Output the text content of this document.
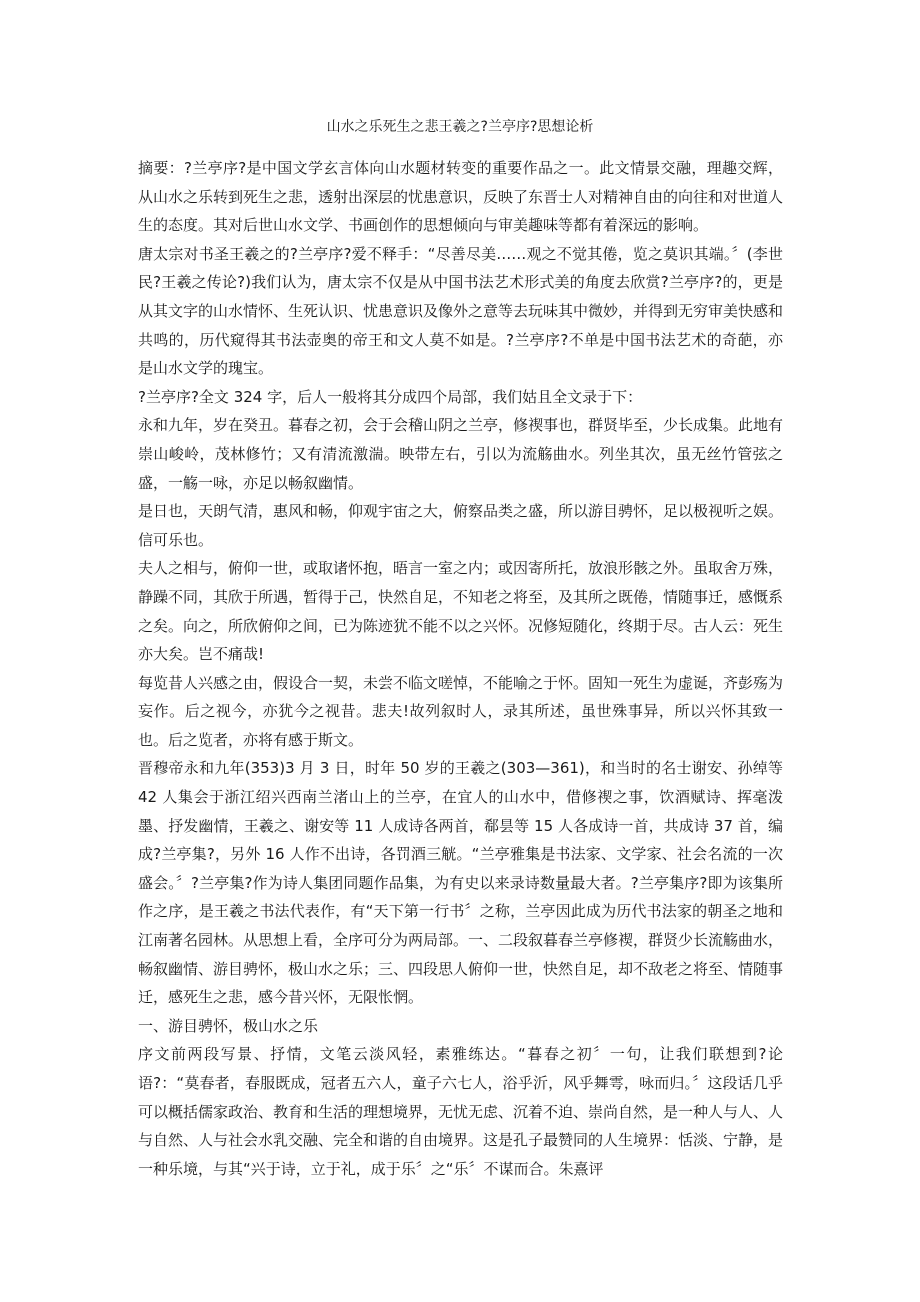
山水之乐死生之悲王羲之?兰亭序?思想论析

摘要：?兰亭序?是中国文学玄言体向山水题材转变的重要作品之一。此文情景交融，理趣交辉，从山水之乐转到死生之悲，透射出深层的忧患意识，反映了东晋士人对精神自由的向往和对世道人生的态度。其对后世山水文学、书画创作的思想倾向与审美趣味等都有着深远的影响。

唐太宗对书圣王羲之的?兰亭序?爱不释手：“尽善尽美……观之不觉其倦，览之莫识其端。〞(李世民?王羲之传论?)我们认为，唐太宗不仅是从中国书法艺术形式美的角度去欣赏?兰亭序?的，更是从其文字的山水情怀、生死认识、忧患意识及像外之意等去玩味其中微妙，并得到无穷审美快感和共鸣的，历代窥得其书法壶奥的帝王和文人莫不如是。?兰亭序?不单是中国书法艺术的奇葩，亦是山水文学的瑰宝。

?兰亭序?全文 324 字，后人一般将其分成四个局部，我们姑且全文录于下：

永和九年，岁在癸丑。暮春之初，会于会稽山阴之兰亭，修禊事也，群贤毕至，少长成集。此地有崇山峻岭，茂林修竹；又有清流激湍。映带左右，引以为流觞曲水。列坐其次，虽无丝竹管弦之盛，一觞一咏，亦足以畅叙幽情。

是日也，天朗气清，惠风和畅，仰观宇宙之大，俯察品类之盛，所以游目骋怀，足以极视听之娱。信可乐也。

夫人之相与，俯仰一世，或取诸怀抱，晤言一室之内；或因寄所托，放浪形骸之外。虽取舍万殊，静躁不同，其欣于所遇，暂得于己，快然自足，不知老之将至，及其所之既倦，情随事迁，感慨系之矣。向之，所欣俯仰之间，已为陈迹犹不能不以之兴怀。况修短随化，终期于尽。古人云：死生亦大矣。岂不痛哉!

每览昔人兴感之由，假设合一契，未尝不临文嗟悼，不能喻之于怀。固知一死生为虚诞，齐彭殇为妄作。后之视今，亦犹今之视昔。悲夫!故列叙时人，录其所述，虽世殊事异，所以兴怀其致一也。后之览者，亦将有感于斯文。

晋穆帝永和九年(353)3 月 3 日，时年 50 岁的王羲之(303—361)，和当时的名士谢安、孙绰等 42 人集会于浙江绍兴西南兰渚山上的兰亭，在宜人的山水中，借修禊之事，饮酒赋诗、挥毫泼墨、抒发幽情，王羲之、谢安等 11 人成诗各两首，郗昙等 15 人各成诗一首，共成诗 37 首，编成?兰亭集?，另外 16 人作不出诗，各罚酒三觥。“兰亭雅集是书法家、文学家、社会名流的一次盛会。〞?兰亭集?作为诗人集团同题作品集，为有史以来录诗数量最大者。?兰亭集序?即为该集所作之序，是王羲之书法代表作，有“天下第一行书〞之称，兰亭因此成为历代书法家的朝圣之地和江南著名园林。从思想上看，全序可分为两局部。一、二段叙暮春兰亭修褉，群贤少长流觞曲水，畅叙幽情、游目骋怀，极山水之乐；三、四段思人俯仰一世，快然自足，却不敌老之将至、情随事迁，感死生之悲，感今昔兴怀，无限怅惘。

一、游目骋怀，极山水之乐

序文前两段写景、抒情，文笔云淡风轻，素雅练达。“暮春之初〞一句，让我们联想到?论语?：“莫春者，春服既成，冠者五六人，童子六七人，浴乎沂，风乎舞雩，咏而归。〞这段话几乎可以概括儒家政治、教育和生活的理想境界，无忧无虑、沉着不迫、崇尚自然，是一种人与人、人与自然、人与社会水乳交融、完全和谐的自由境界。这是孔子最赞同的人生境界：恬淡、宁静，是一种乐境，与其“兴于诗，立于礼，成于乐〞之“乐〞不谋而合。朱熹评
